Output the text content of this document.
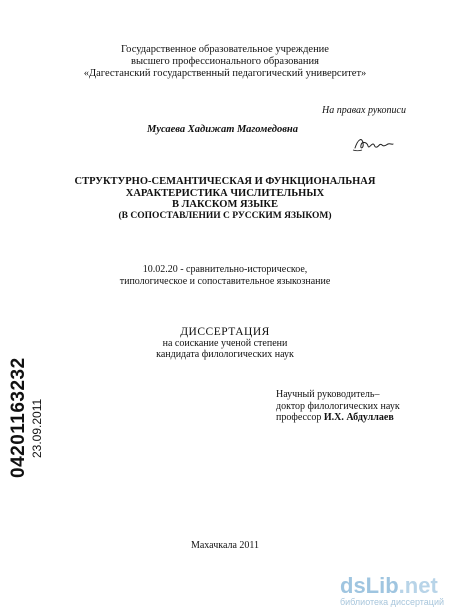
Государственное образовательное учреждение
высшего профессионального образования
«Дагестанский государственный педагогический университет»
На правах рукописи
Мусаева Хадижат Магомедовна
СТРУКТУРНО-СЕМАНТИЧЕСКАЯ И ФУНКЦИОНАЛЬНАЯ
ХАРАКТЕРИСТИКА ЧИСЛИТЕЛЬНЫХ
В ЛАКСКОМ ЯЗЫКЕ
(В СОПОСТАВЛЕНИИ С РУССКИМ ЯЗЫКОМ)
10.02.20 - сравнительно-историческое,
типологическое и сопоставительное языкознание
ДИССЕРТАЦИЯ
на соискание ученой степени
кандидата филологических наук
Научный руководитель–
доктор филологических наук
профессор И.Х. Абдуллаев
Махачкала 2011
04201163232 23.09.2011
dsLib.net
библиотека диссертаций
